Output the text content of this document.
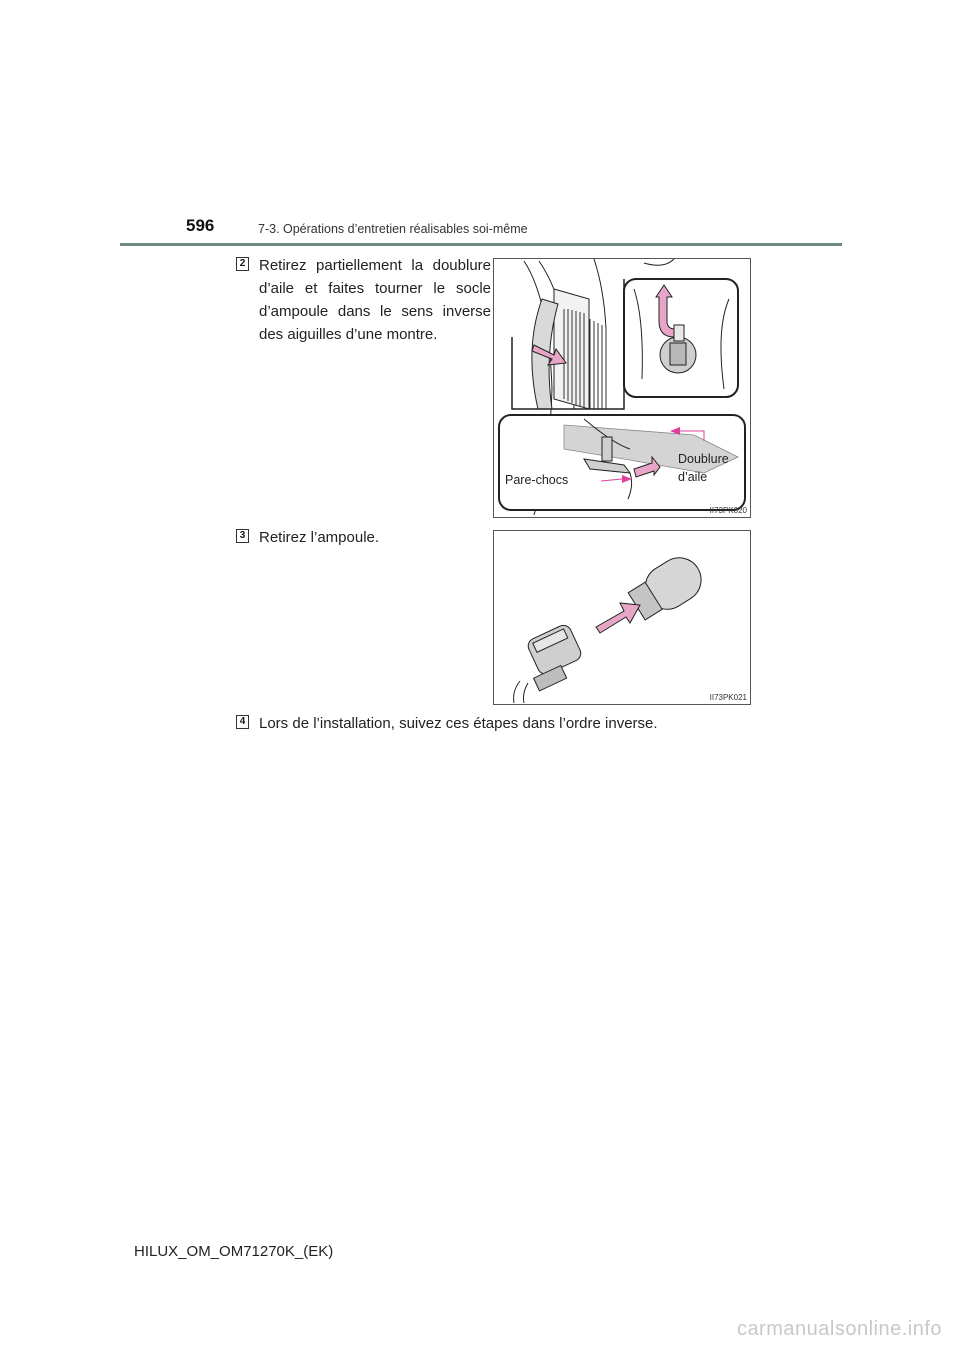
596	7-3. Opérations d’entretien réalisables soi-même
2 Retirez partiellement la doublure
d’aile et faites tourner le socle
d’ampoule dans le sens inverse
des aiguilles d’une montre.
Pare-chocs
Doublure
d’aile
II73PK020
3 Retirez l’ampoule.
II73PK021
4 Lors de l’installation, suivez ces étapes dans l’ordre inverse.
HILUX_OM_OM71270K_(EK)
carmanualsonline.info
